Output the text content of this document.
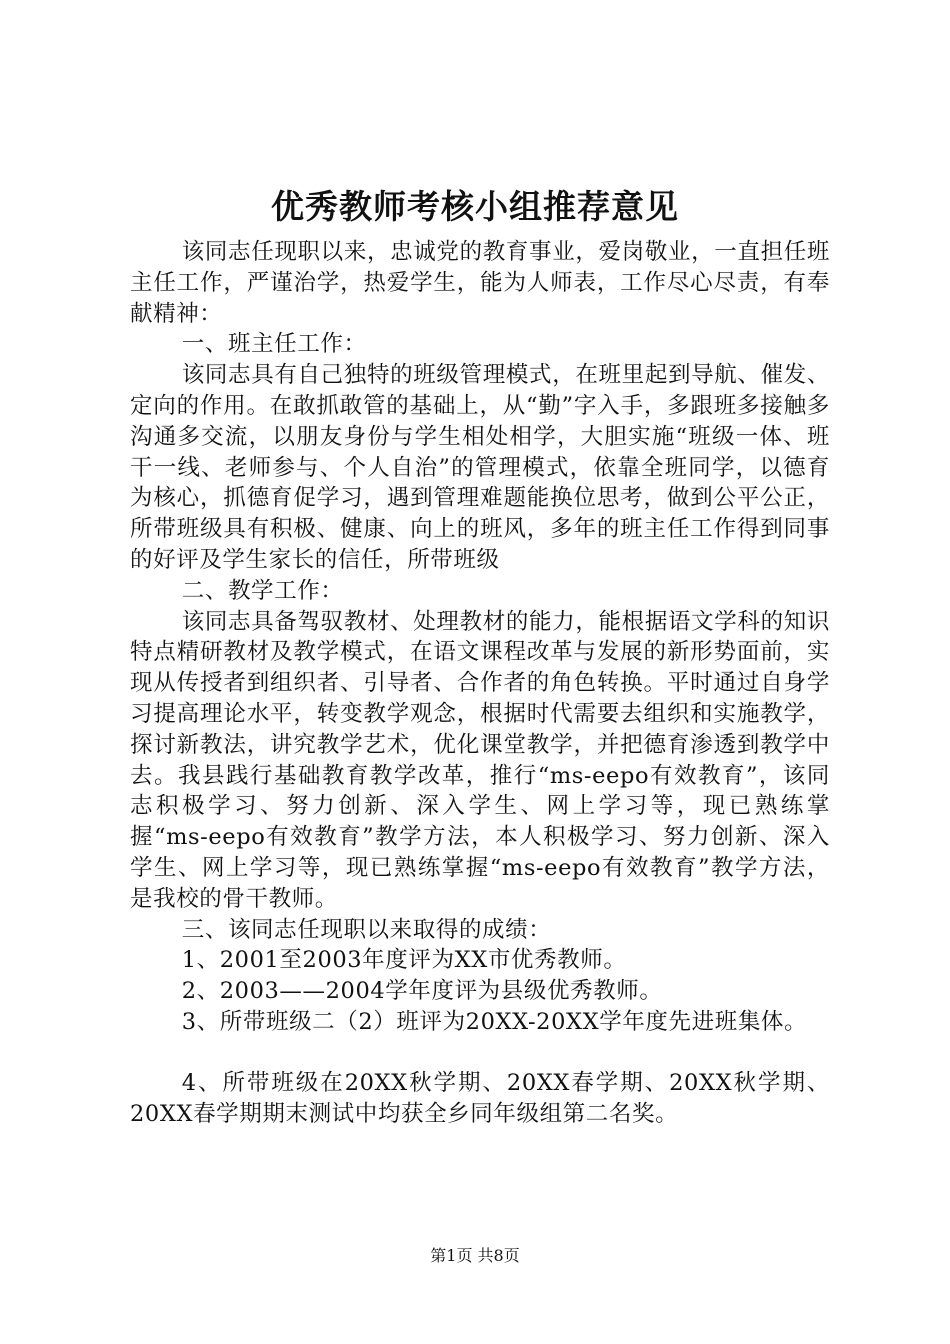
优秀教师考核小组推荐意见

该同志任现职以来，忠诚党的教育事业，爱岗敬业，一直担任班主任工作，严谨治学，热爱学生，能为人师表，工作尽心尽责，有奉献精神：

一、班主任工作：

该同志具有自己独特的班级管理模式，在班里起到导航、催发、定向的作用。在敢抓敢管的基础上，从“勤”字入手，多跟班多接触多沟通多交流，以朋友身份与学生相处相学，大胆实施“班级一体、班干一线、老师参与、个人自治”的管理模式，依靠全班同学，以德育为核心，抓德育促学习，遇到管理难题能换位思考，做到公平公正，所带班级具有积极、健康、向上的班风，多年的班主任工作得到同事的好评及学生家长的信任，所带班级

二、教学工作：

该同志具备驾驭教材、处理教材的能力，能根据语文学科的知识特点精研教材及教学模式，在语文课程改革与发展的新形势面前，实现从传授者到组织者、引导者、合作者的角色转换。平时通过自身学习提高理论水平，转变教学观念，根据时代需要去组织和实施教学，探讨新教法，讲究教学艺术，优化课堂教学，并把德育渗透到教学中去。我县践行基础教育教学改革，推行“ms-eepo有效教育”，该同志积极学习、努力创新、深入学生、网上学习等，现已熟练掌握“ms-eepo有效教育”教学方法，本人积极学习、努力创新、深入学生、网上学习等，现已熟练掌握“ms-eepo有效教育”教学方法，是我校的骨干教师。

三、该同志任现职以来取得的成绩：

1、2001至2003年度评为XX市优秀教师。

2、2003——2004学年度评为县级优秀教师。

3、所带班级二（2）班评为20XX-20XX学年度先进班集体。

4、所带班级在20XX秋学期、20XX春学期、20XX秋学期、20XX春学期期末测试中均获全乡同年级组第二名奖。

第1页 共8页
